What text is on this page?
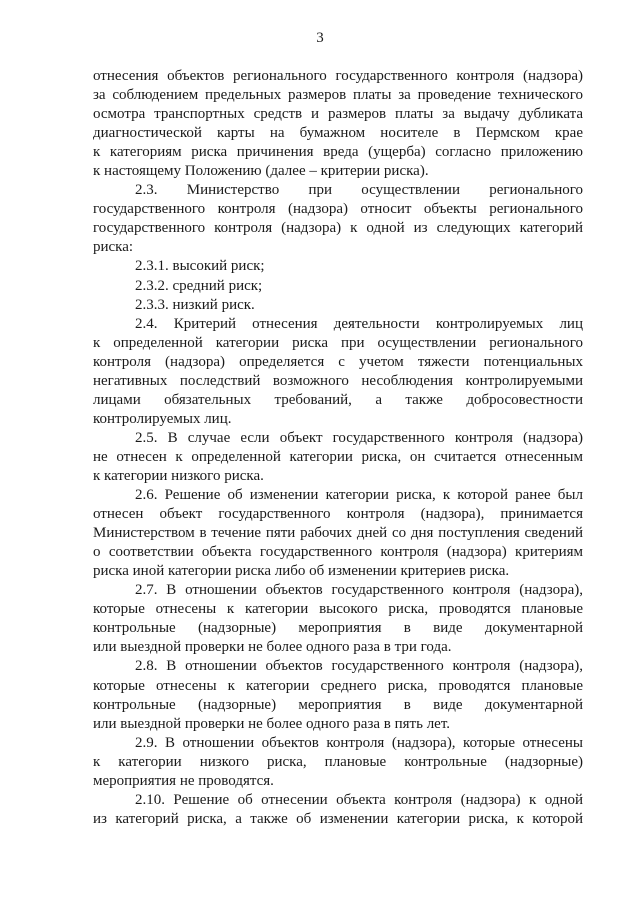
3
отнесения объектов регионального государственного контроля (надзора)
за соблюдением предельных размеров платы за проведение технического
осмотра транспортных средств и размеров платы за выдачу дубликата
диагностической карты на бумажном носителе в Пермском крае
к категориям риска причинения вреда (ущерба) согласно приложению
к настоящему Положению (далее – критерии риска).
2.3. Министерство при осуществлении регионального
государственного контроля (надзора) относит объекты регионального
государственного контроля (надзора) к одной из следующих категорий
риска:
2.3.1. высокий риск;
2.3.2. средний риск;
2.3.3. низкий риск.
2.4. Критерий отнесения деятельности контролируемых лиц
к определенной категории риска при осуществлении регионального
контроля (надзора) определяется с учетом тяжести потенциальных
негативных последствий возможного несоблюдения контролируемыми
лицами обязательных требований, а также добросовестности
контролируемых лиц.
2.5. В случае если объект государственного контроля (надзора)
не отнесен к определенной категории риска, он считается отнесенным
к категории низкого риска.
2.6. Решение об изменении категории риска, к которой ранее был
отнесен объект государственного контроля (надзора), принимается
Министерством в течение пяти рабочих дней со дня поступления сведений
о соответствии объекта государственного контроля (надзора) критериям
риска иной категории риска либо об изменении критериев риска.
2.7. В отношении объектов государственного контроля (надзора),
которые отнесены к категории высокого риска, проводятся плановые
контрольные (надзорные) мероприятия в виде документарной
или выездной проверки не более одного раза в три года.
2.8. В отношении объектов государственного контроля (надзора),
которые отнесены к категории среднего риска, проводятся плановые
контрольные (надзорные) мероприятия в виде документарной
или выездной проверки не более одного раза в пять лет.
2.9. В отношении объектов контроля (надзора), которые отнесены
к категории низкого риска, плановые контрольные (надзорные)
мероприятия не проводятся.
2.10. Решение об отнесении объекта контроля (надзора) к одной
из категорий риска, а также об изменении категории риска, к которой
